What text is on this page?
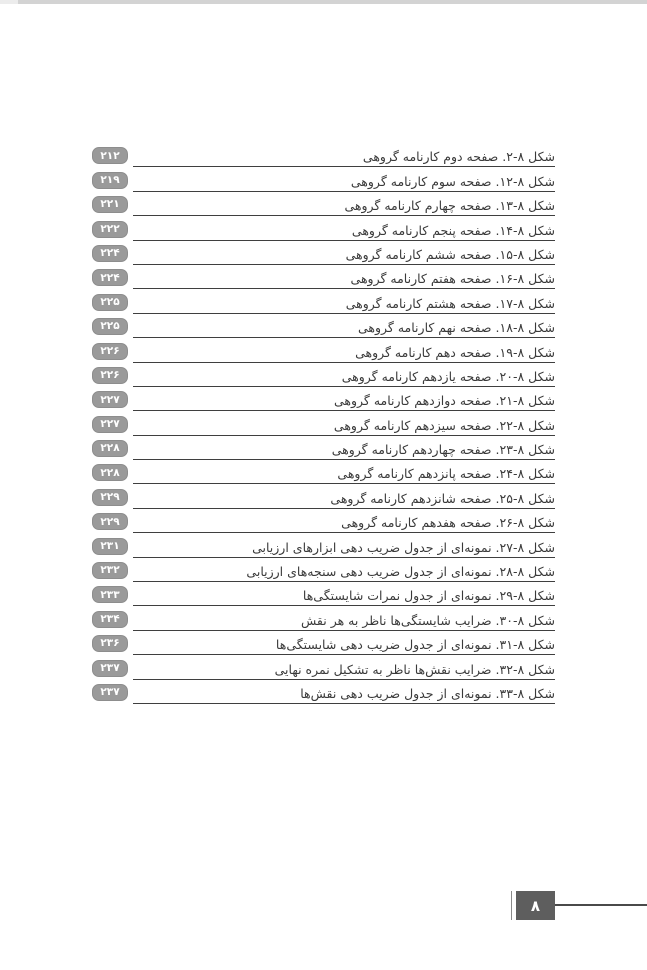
۲۱۲	شکل ۸-۲. صفحه دوم کارنامه گروهی
۲۱۹	شکل ۸-۱۲. صفحه سوم کارنامه گروهی
۲۲۱	شکل ۸-۱۳. صفحه چهارم کارنامه گروهی
۲۲۲	شکل ۸-۱۴. صفحه پنجم کارنامه گروهی
۲۲۴	شکل ۸-۱۵. صفحه ششم کارنامه گروهی
۲۲۴	شکل ۸-۱۶. صفحه هفتم کارنامه گروهی
۲۲۵	شکل ۸-۱۷. صفحه هشتم کارنامه گروهی
۲۲۵	شکل ۸-۱۸. صفحه نهم کارنامه گروهی
۲۲۶	شکل ۸-۱۹. صفحه دهم کارنامه گروهی
۲۲۶	شکل ۸-۲۰. صفحه یازدهم کارنامه گروهی
۲۲۷	شکل ۸-۲۱. صفحه دوازدهم کارنامه گروهی
۲۲۷	شکل ۸-۲۲. صفحه سیزدهم کارنامه گروهی
۲۲۸	شکل ۸-۲۳. صفحه چهاردهم کارنامه گروهی
۲۲۸	شکل ۸-۲۴. صفحه پانزدهم کارنامه گروهی
۲۲۹	شکل ۸-۲۵. صفحه شانزدهم کارنامه گروهی
۲۲۹	شکل ۸-۲۶. صفحه هفدهم کارنامه گروهی
۲۳۱	شکل ۸-۲۷. نمونه‌ای از جدول ضریب دهی ابزارهای ارزیابی
۲۳۲	شکل ۸-۲۸. نمونه‌ای از جدول ضریب دهی سنجه‌های ارزیابی
۲۳۳	شکل ۸-۲۹. نمونه‌ای از جدول نمرات شایستگی‌ها
۲۳۴	شکل ۸-۳۰. ضرایب شایستگی‌ها ناظر به هر نقش
۲۳۶	شکل ۸-۳۱. نمونه‌ای از جدول ضریب دهی شایستگی‌ها
۲۳۷	شکل ۸-۳۲. ضرایب نقش‌ها ناظر به تشکیل نمره نهایی
۲۳۷	شکل ۸-۳۳. نمونه‌ای از جدول ضریب دهی نقش‌ها
۸
